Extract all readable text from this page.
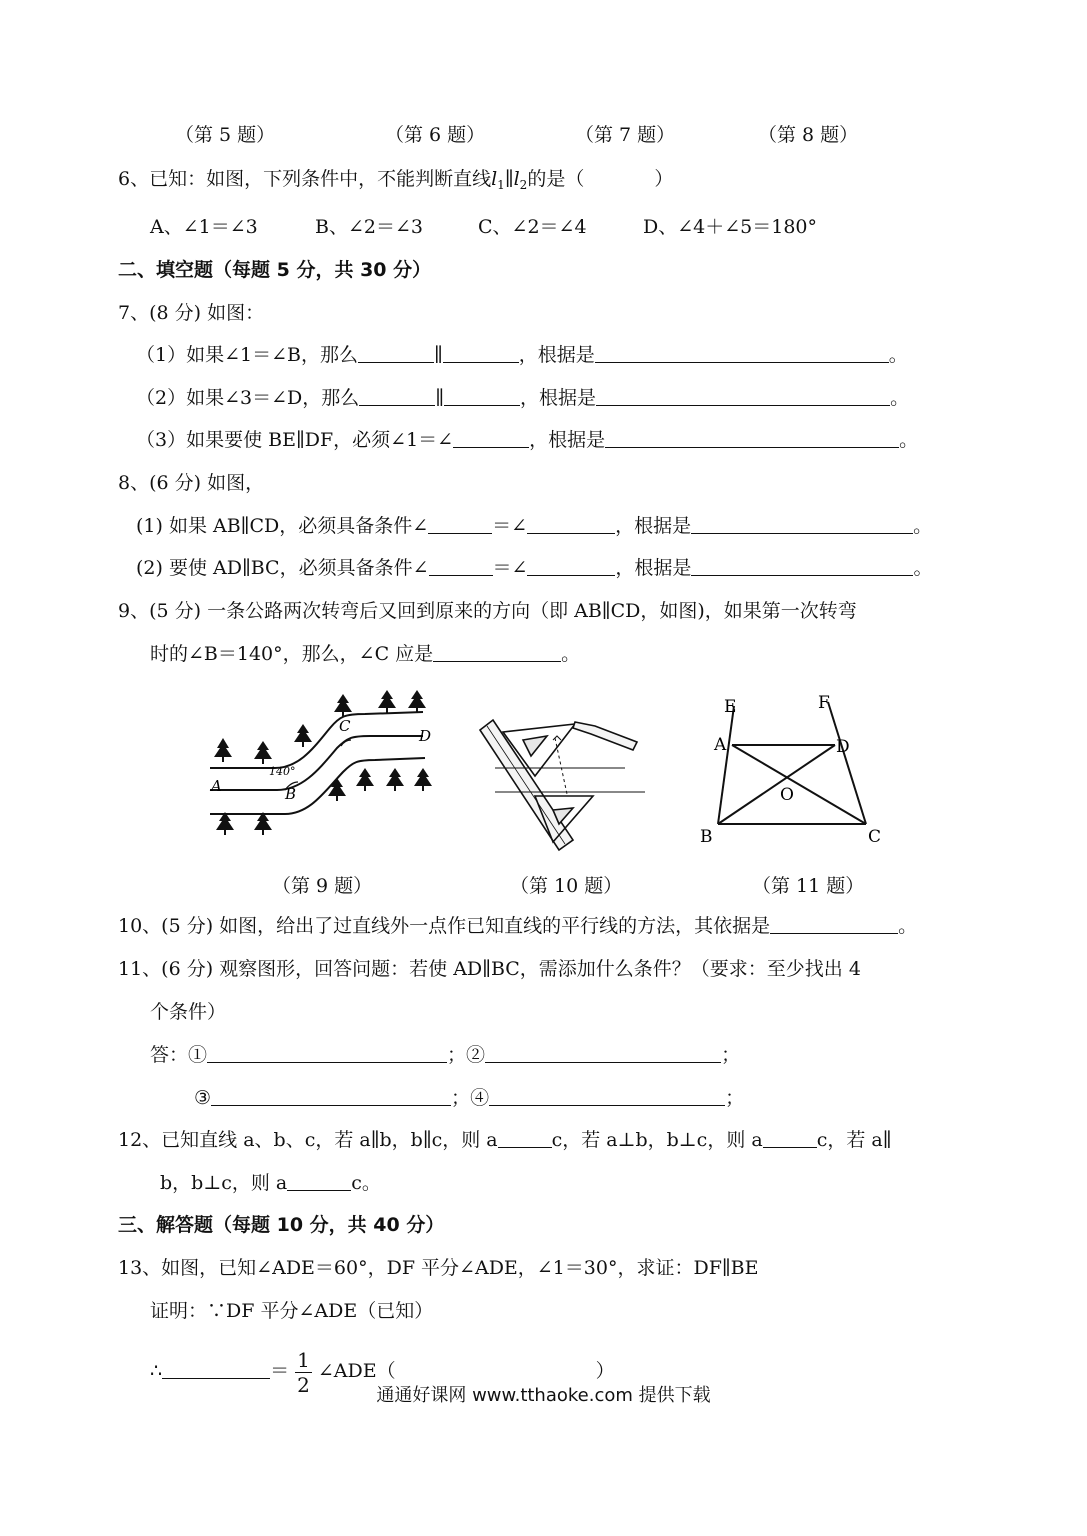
（第 5 题）	（第 6 题）	（第 7 题）	（第 8 题）
6、已知：如图，下列条件中，不能判断直线$l_1\parallel l_2$的是（	）
A、∠1＝∠3	B、∠2＝∠3	C、∠2＝∠4	D、∠4＋∠5＝180°
二、填空题（每题 5 分，共 30 分）
7、(8 分) 如图：
（1）如果∠1＝∠B，那么	∥	，根据是	。
（2）如果∠3＝∠D，那么	∥	，根据是	。
（3）如果要使 BE∥DF，必须∠1＝∠	，根据是	。
8、(6 分) 如图，
(1) 如果 AB∥CD，必须具备条件∠	＝∠	，根据是	。
(2) 要使 AD∥BC，必须具备条件∠	＝∠	，根据是	。
9、(5 分) 一条公路两次转弯后又回到原来的方向（即 AB∥CD，如图)，如果第一次转弯
时的∠B＝140°，那么，∠C 应是	。
A	B
C
D
140°
E	F
A	D
O
B	C
（第 9 题）	（第 10 题）	（第 11 题）
10、(5 分) 如图，给出了过直线外一点作已知直线的平行线的方法，其依据是	。
11、(6 分) 观察图形，回答问题：若使 AD∥BC，需添加什么条件？（要求：至少找出 4
个条件）
答：①	；②	；
③	；④	；
12、已知直线 a、b、c，若 a∥b，b∥c，则 a	c，若 a⊥b，b⊥c，则 a	c，若 a∥
b，b⊥c，则 a	c。
三、解答题（每题 10 分，共 40 分）
13、如图，已知∠ADE＝60°，DF 平分∠ADE，∠1＝30°，求证：DF∥BE
证明：∵DF 平分∠ADE（已知）
∴	＝ $\frac{1}{2}$ ∠ADE（	）
通通好课网 www.tthaoke.com 提供下载
